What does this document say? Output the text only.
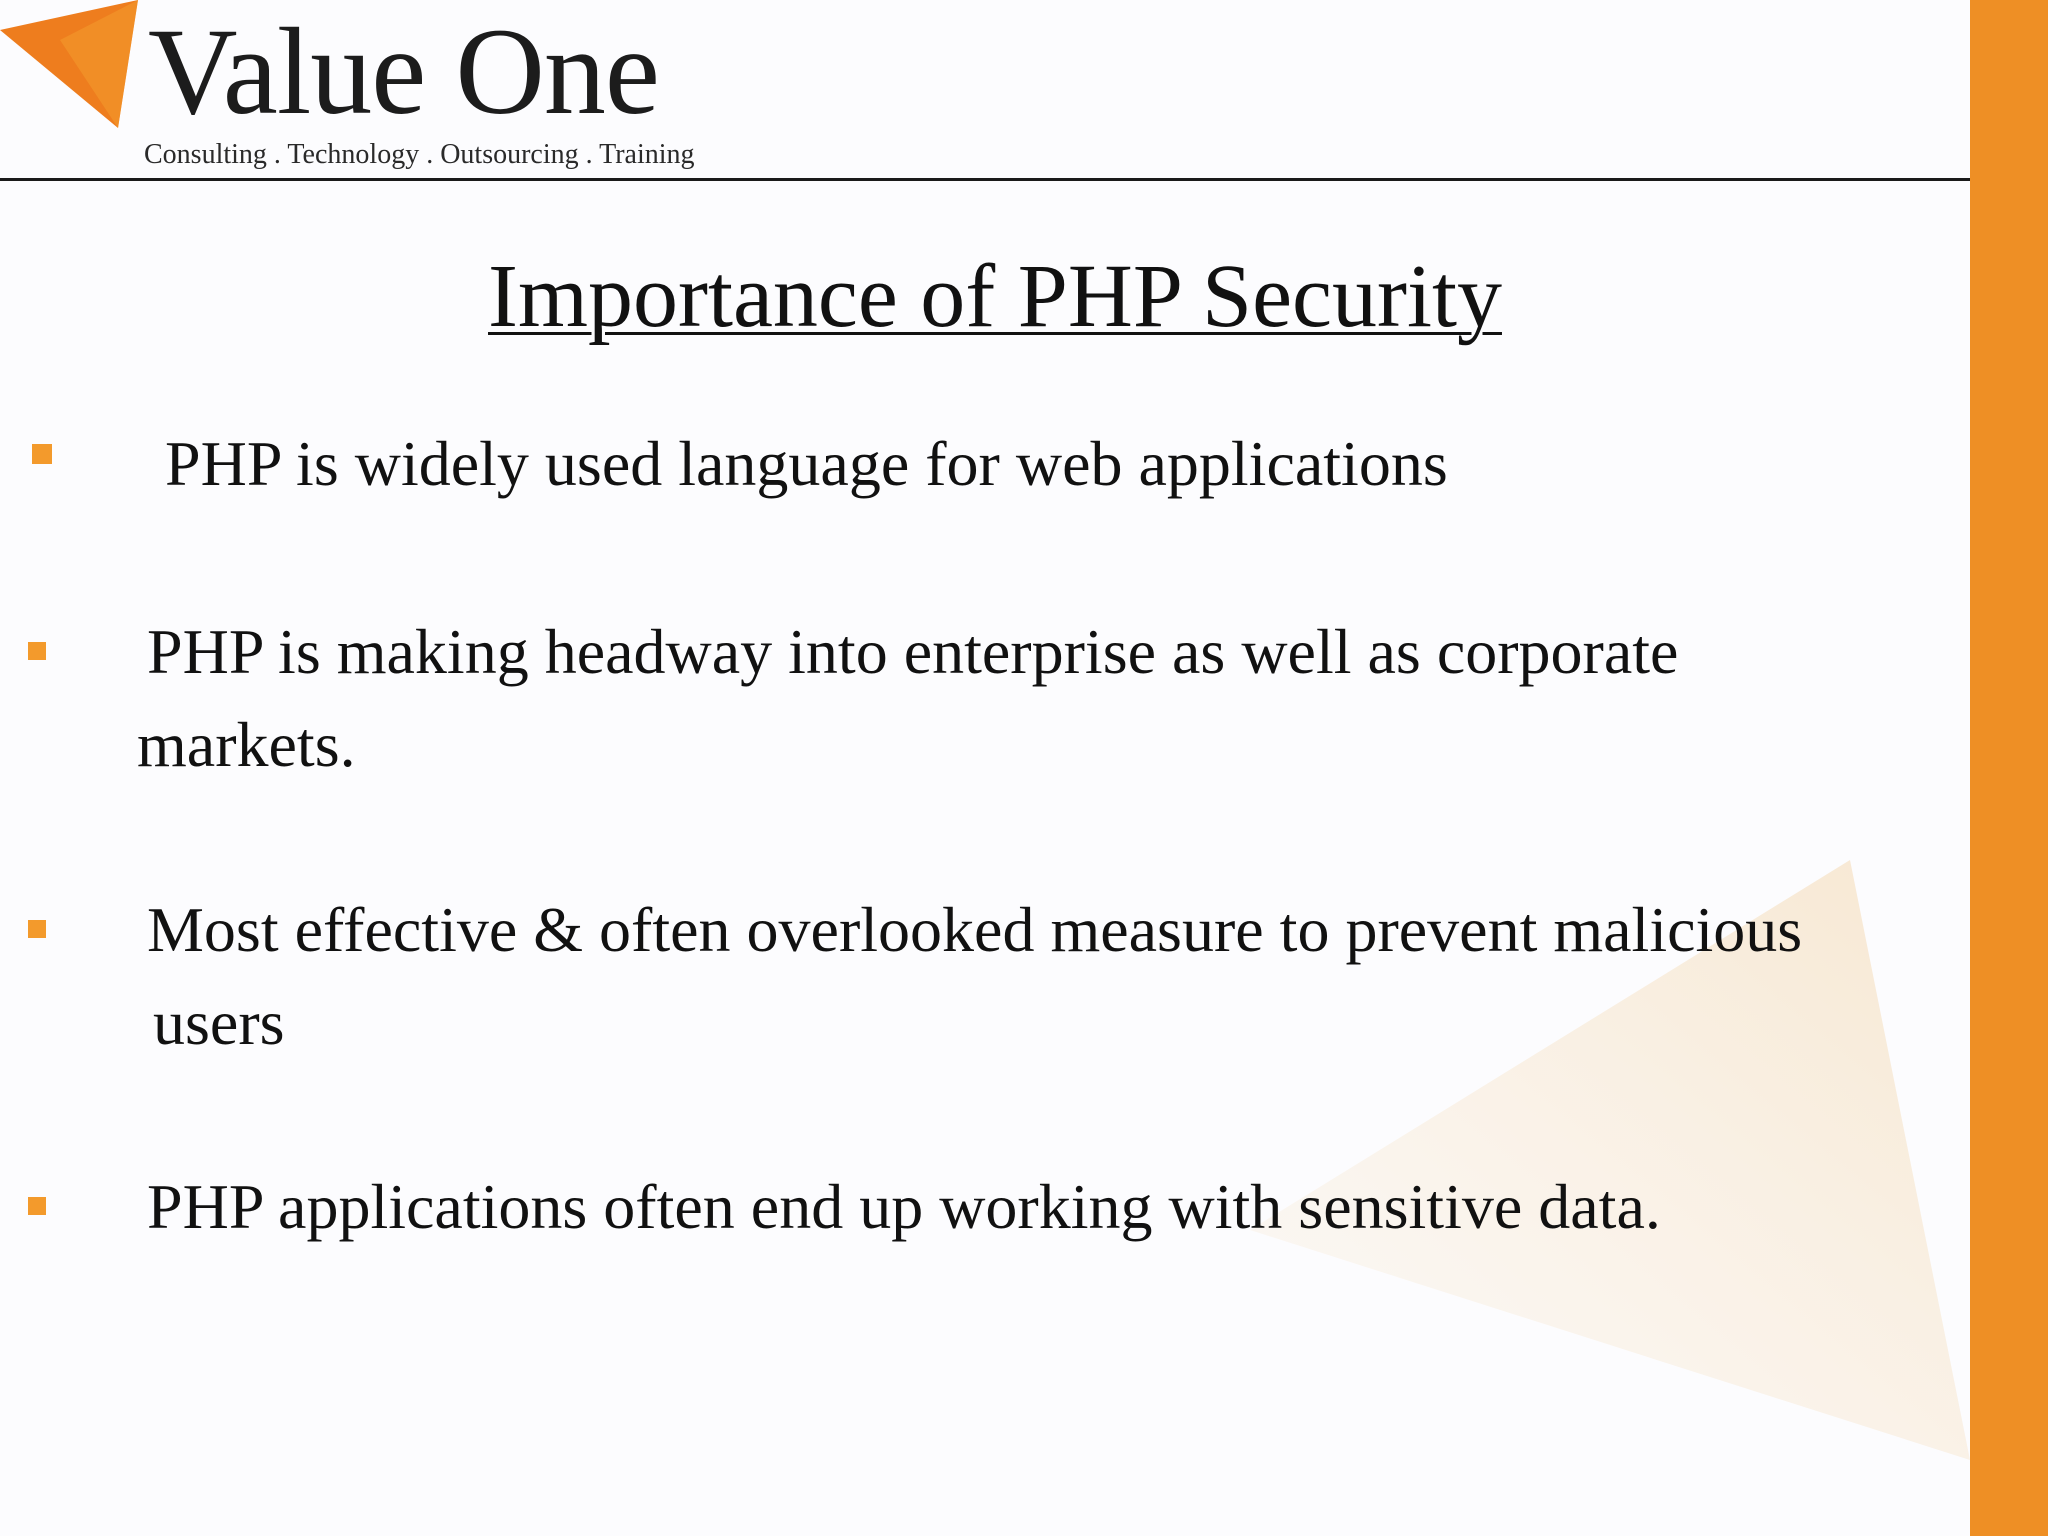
Value One
Consulting . Technology . Outsourcing . Training
Importance of PHP Security
PHP is widely used language for web applications
PHP is making headway into enterprise as well as corporate
markets.
Most effective & often overlooked measure to prevent malicious
users
PHP applications often end up working with sensitive data.
